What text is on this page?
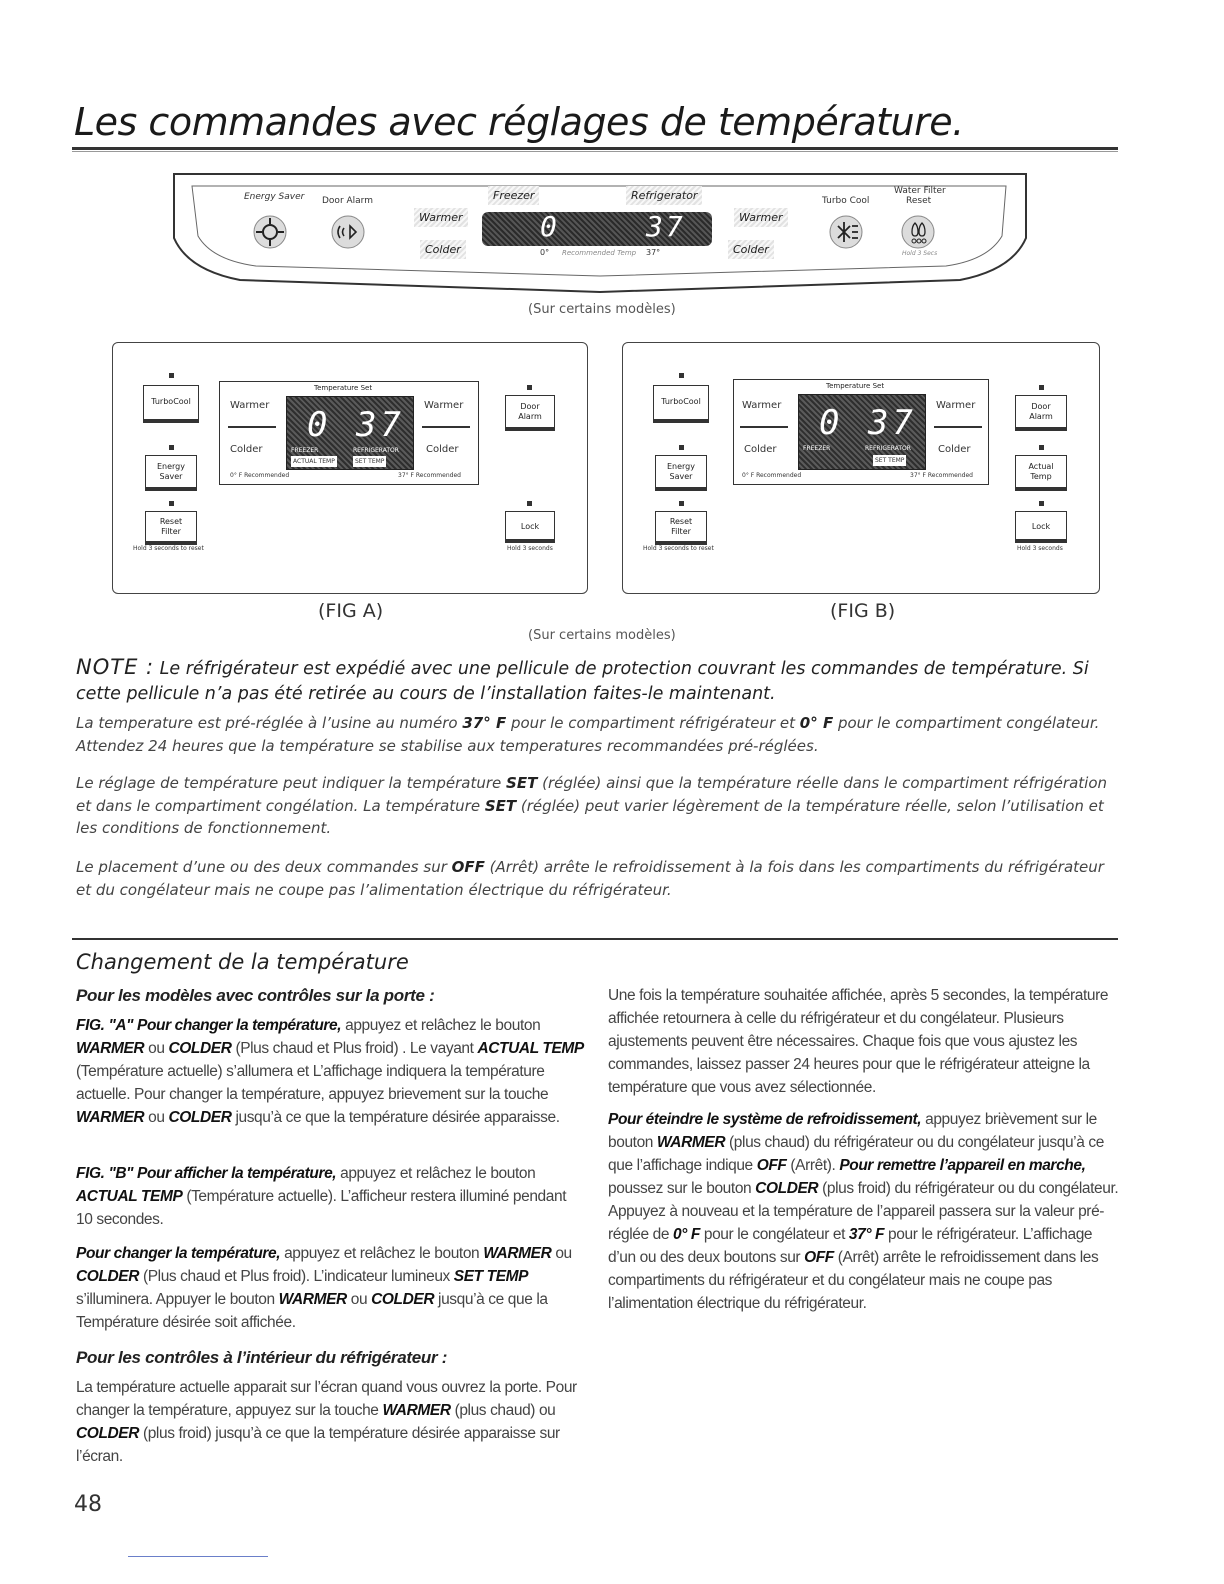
Les commandes avec réglages de température.
Energy Saver Door Alarm
Warmer
Colder
Freezer	Refrigerator
Warmer
Colder
0	37
0° Recommended Temp 37°
Turbo Cool
Water Filter
Reset
Hold 3 Secs
(Sur certains modèles)
TurboCool
Energy
Saver
Reset
Filter
Hold 3 seconds to reset
Temperature Set
Warmer
Colder
Warmer
Colder
0 37
FREEZER	REFRIGERATOR
ACTUAL TEMP	SET TEMP
0° F Recommended	37° F Recommended
Door
Alarm
Lock
Hold 3 seconds
(FIG A)
TurboCool
Energy
Saver
Reset
Filter
Hold 3 seconds to reset
Temperature Set
Warmer
Colder
Warmer
Colder
0 37
FREEZER	REFRIGERATOR
SET TEMP
0° F Recommended	37° F Recommended
Door
Alarm
Actual
Temp
Lock
Hold 3 seconds
(FIG B)
(Sur certains modèles)
NOTE : Le réfrigérateur est expédié avec une pellicule de protection couvrant les commandes de température. Si cette pellicule n’a pas été retirée au cours de l’installation faites-le maintenant.
La temperature est pré-réglée à l’usine au numéro 37° F pour le compartiment réfrigérateur et 0° F pour le compartiment congélateur. Attendez 24 heures que la température se stabilise aux temperatures recommandées pré-réglées.
Le réglage de température peut indiquer la température SET (réglée) ainsi que la température réelle dans le compartiment réfrigération et dans le compartiment congélation. La température SET (réglée) peut varier légèrement de la température réelle, selon l’utilisation et les conditions de fonctionnement.
Le placement d’une ou des deux commandes sur OFF (Arrêt) arrête le refroidissement à la fois dans les compartiments du réfrigérateur et du congélateur mais ne coupe pas l’alimentation électrique du réfrigérateur.
Changement de la température
Pour les modèles avec contrôles sur la porte :
FIG. "A" Pour changer la température, appuyez et relâchez le bouton WARMER ou COLDER (Plus chaud et Plus froid) . Le vayant ACTUAL TEMP (Température actuelle) s’allumera et L’affichage indiquera la température actuelle. Pour changer la température, appuyez brievement sur la touche WARMER ou COLDER jusqu’à ce que la température désirée apparaisse.
FIG. "B" Pour afficher la température, appuyez et relâchez le bouton ACTUAL TEMP (Température actuelle). L’afficheur restera illuminé pendant 10 secondes.
Pour changer la température, appuyez et relâchez le bouton WARMER ou COLDER (Plus chaud et Plus froid). L’indicateur lumineux SET TEMP s’illuminera. Appuyer le bouton WARMER ou COLDER jusqu’à ce que la Température désirée soit affichée.
Pour les contrôles à l’intérieur du réfrigérateur :
La température actuelle apparait sur l’écran quand vous ouvrez la porte. Pour changer la température, appuyez sur la touche WARMER (plus chaud) ou COLDER (plus froid) jusqu’à ce que la température désirée apparaisse sur l’écran.
Une fois la température souhaitée affichée, après 5 secondes, la température affichée retournera à celle du réfrigérateur et du congélateur. Plusieurs ajustements peuvent être nécessaires. Chaque fois que vous ajustez les commandes, laissez passer 24 heures pour que le réfrigérateur atteigne la température que vous avez sélectionnée.
Pour éteindre le système de refroidissement, appuyez brièvement sur le bouton WARMER (plus chaud) du réfrigérateur ou du congélateur jusqu’à ce que l’affichage indique OFF (Arrêt). Pour remettre l’appareil en marche, poussez sur le bouton COLDER (plus froid) du réfrigérateur ou du congélateur. Appuyez à nouveau et la température de l’appareil passera sur la valeur pré-réglée de 0° F pour le congélateur et 37° F pour le réfrigérateur. L’affichage d’un ou des deux boutons sur OFF (Arrêt) arrête le refroidissement dans les compartiments du réfrigérateur et du congélateur mais ne coupe pas l’alimentation électrique du réfrigérateur.
48
